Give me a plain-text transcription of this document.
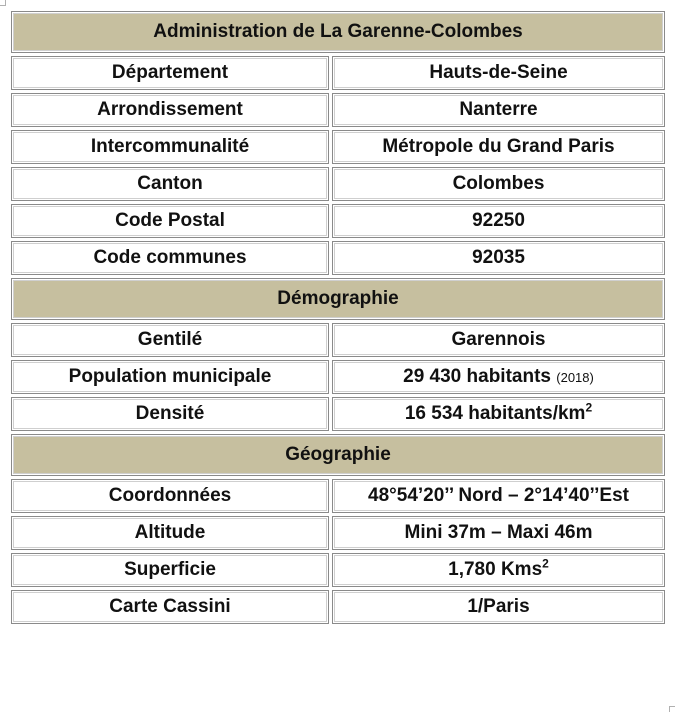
Administration de La Garenne-Colombes	
Département	Hauts-de-Seine
Arrondissement	Nanterre
Intercommunalité	Métropole du Grand Paris
Canton	Colombes
Code Postal	92250
Code communes	92035
Démographie	
Gentilé	Garennois
Population municipale	29 430 habitants (2018)
Densité	16 534 habitants/$km^2$
Géographie	
Coordonnées	48°54’20’’ Nord – 2°14’40’’Est
Altitude	Mini 37m – Maxi 46m
Superficie	1,780 Kms$^2$
Carte Cassini	1/Paris
